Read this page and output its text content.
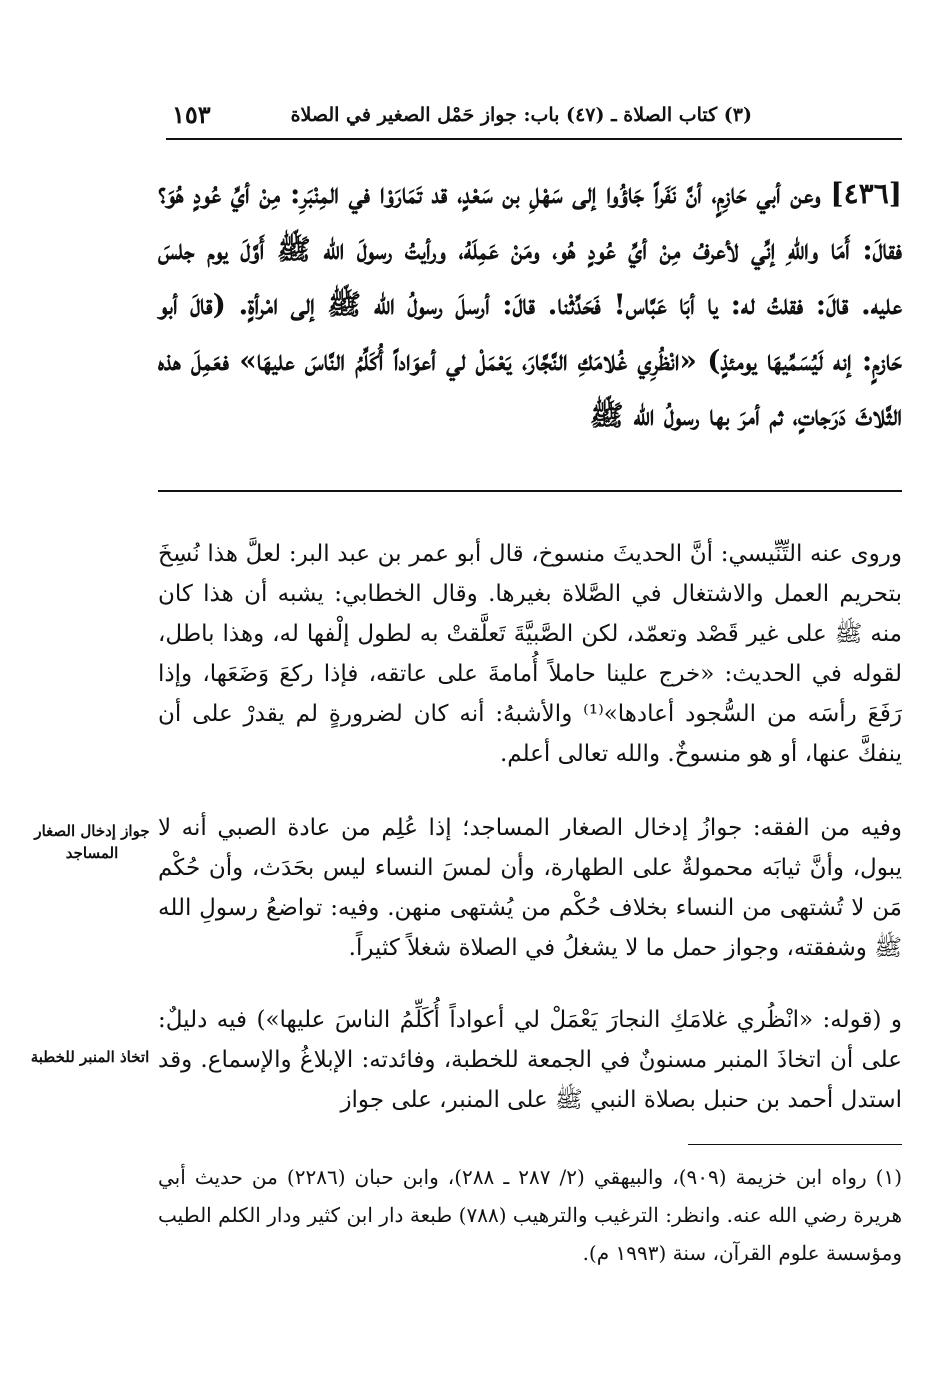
١٥٣	(٣) كتاب الصلاة ـ (٤٧) باب: جواز حَمْل الصغير في الصلاة
[٤٣٦] وعن أبي حَازِمٍ، أنَّ نَفَراً جَاؤُوا إلى سَهْلِ بن سَعْدٍ، قد تَمَارَوْا في المِنْبَرِ: مِنْ أيِّ عُودٍ هُوَ؟ فقالَ: أَمَا واللهِ إنِّي لأعرفُ مِنْ أيِّ عُودٍ هُو، ومَنْ عَمِلَهُ، ورأيتُ رسولَ الله ﷺ أَوَّلَ يوم جلسَ عليه. قالَ: فقلتُ له: يا أبَا عَبَّاس! فَحَدِّثْنا. قالَ: أرسلَ رسولُ الله ﷺ إلى امْرأةٍ. (قالَ أبو حَازمٍ: إنه لَيُسَمِّيهَا يومئذٍ) «انْظُرِي غُلامَكِ النَّجَّارَ، يَعْمَلْ لي أعوَاداً أُكَلِّمُ النَّاسَ عليهَا» فعَمِلَ هذه الثَّلاثَ دَرَجاتٍ، ثم أمرَ بها رسولُ الله ﷺ
وروى عنه التِّنِّيسي: أنَّ الحديثَ منسوخ، قال أبو عمر بن عبد البر: لعلَّ هذا نُسِخَ بتحريم العمل والاشتغال في الصَّلاة بغيرها. وقال الخطابي: يشبه أن هذا كان منه ﷺ على غير قَصْد وتعمّد، لكن الصَّبيَّةَ تَعلَّقتْ به لطول إلْفها له، وهذا باطل، لقوله في الحديث: «خرج علينا حاملاً أُمامةَ على عاتقه، فإذا ركعَ وَضَعَها، وإذا رَفَعَ رأسَه من السُّجود أعادها»⁽¹⁾ والأشبهُ: أنه كان لضرورةٍ لم يقدرْ على أن ينفكَّ عنها، أو هو منسوخٌ. والله تعالى أعلم.
وفيه من الفقه: جوازُ إدخال الصغار المساجد؛ إذا عُلِم من عادة الصبي أنه لا يبول، وأنَّ ثيابَه محمولةٌ على الطهارة، وأن لمسَ النساء ليس بحَدَث، وأن حُكْم مَن لا تُشتهى من النساء بخلاف حُكْم من يُشتهى منهن. وفيه: تواضعُ رسولِ الله ﷺ وشفقته، وجواز حمل ما لا يشغلُ في الصلاة شغلاً كثيراً.
و (قوله: «انْظُري غلامَكِ النجارَ يَعْمَلْ لي أعواداً أُكَلِّمُ الناسَ عليها») فيه دليلٌ: على أن اتخاذَ المنبر مسنونٌ في الجمعة للخطبة، وفائدته: الإبلاغُ والإسماع. وقد استدل أحمد بن حنبل بصلاة النبي ﷺ على المنبر، على جواز
جواز إدخال الصغار المساجد
اتخاذ المنبر للخطبة
(١) رواه ابن خزيمة (٩٠٩)، والبيهقي (٢/ ٢٨٧ ـ ٢٨٨)، وابن حبان (٢٢٨٦) من حديث أبي هريرة رضي الله عنه. وانظر: الترغيب والترهيب (٧٨٨) طبعة دار ابن كثير ودار الكلم الطيب ومؤسسة علوم القرآن، سنة (١٩٩٣ م).
